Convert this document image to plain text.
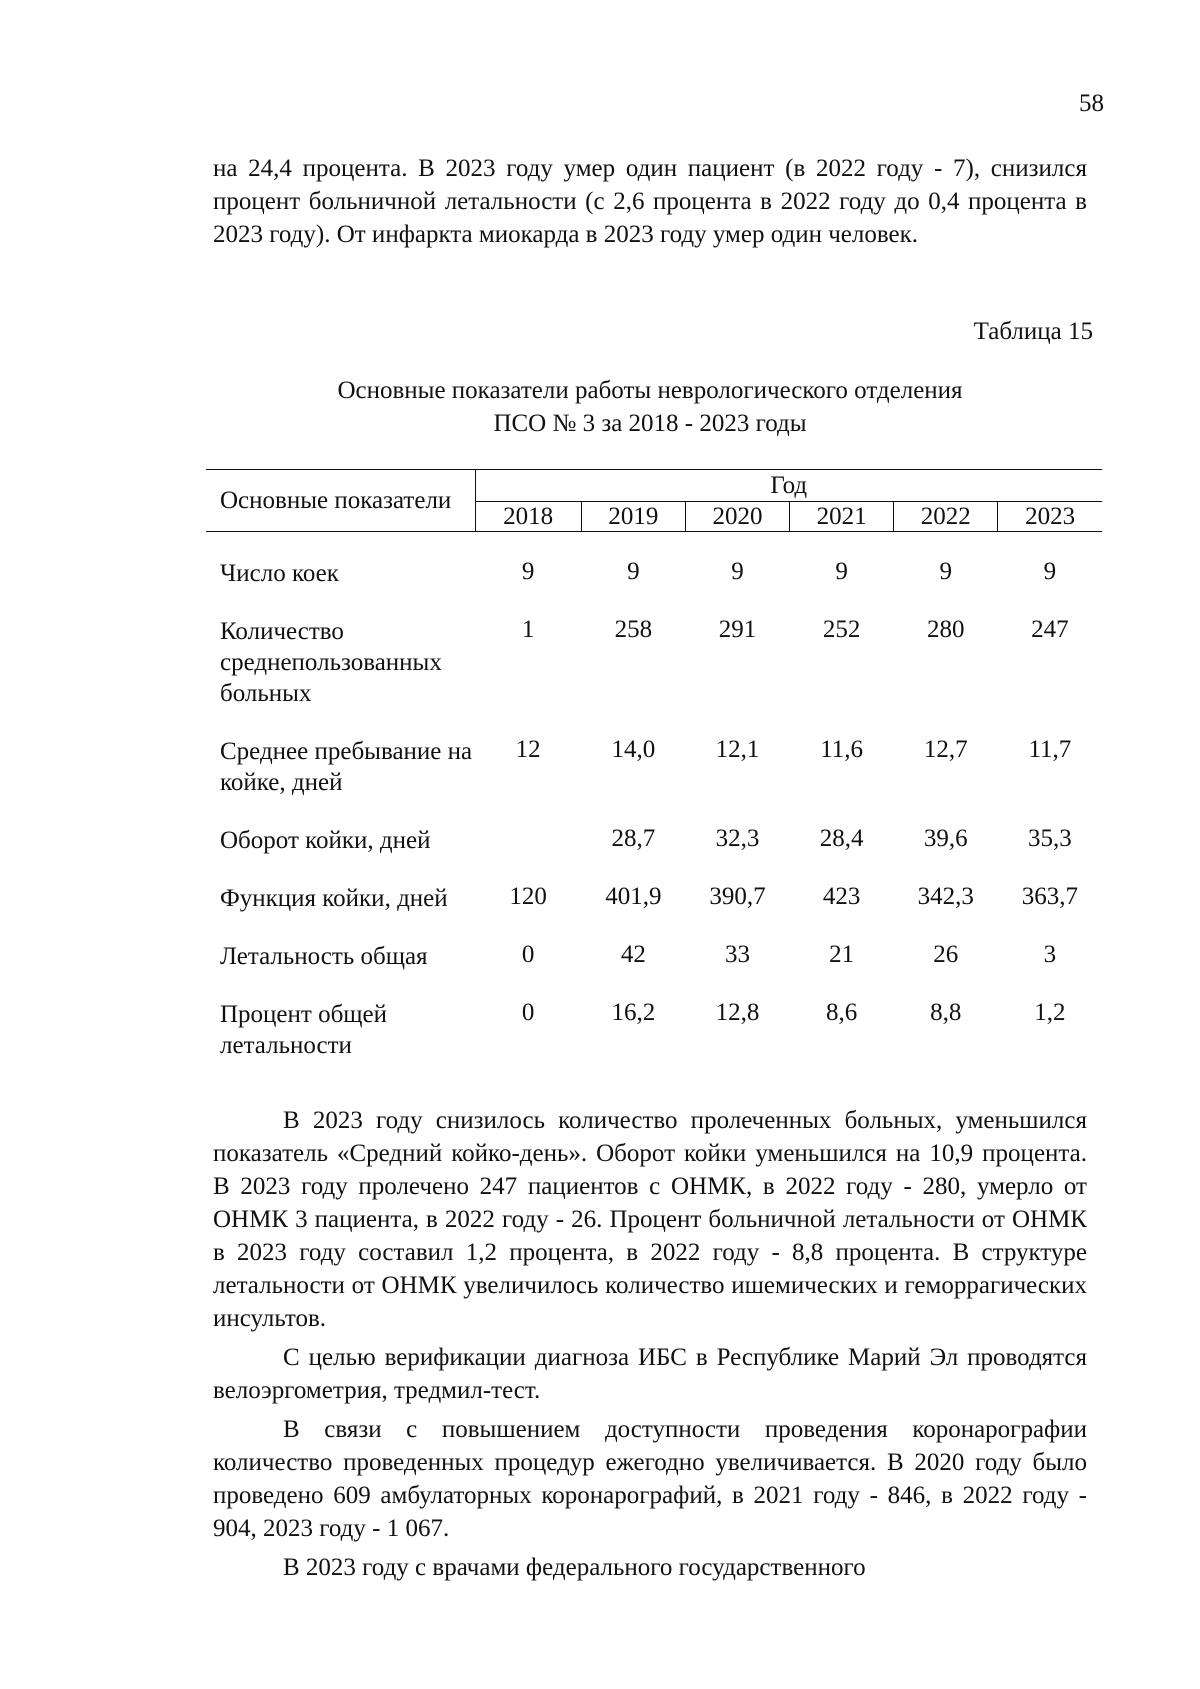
58

на 24,4 процента. В 2023 году умер один пациент (в 2022 году - 7), снизился процент больничной летальности (с 2,6 процента в 2022 году до 0,4 процента в 2023 году). От инфаркта миокарда в 2023 году умер один человек.

Таблица 15
Основные показатели работы неврологического отделения
ПСО № 3 за 2018 - 2023 годы
Основные показатели	Год					
	2018	2019	2020	2021	2022	2023

Число коек	9	9	9	9	9	9
Количество среднепользованных больных	1	258	291	252	280	247
Среднее пребывание на койке, дней	12	14,0	12,1	11,6	12,7	11,7
Оборот койки, дней		28,7	32,3	28,4	39,6	35,3
Функция койки, дней	120	401,9	390,7	423	342,3	363,7
Летальность общая	0	42	33	21	26	3
Процент общей летальности	0	16,2	12,8	8,6	8,8	1,2

В 2023 году снизилось количество пролеченных больных, уменьшился показатель «Средний койко-день». Оборот койки уменьшился на 10,9 процента. В 2023 году пролечено 247 пациентов с ОНМК, в 2022 году - 280, умерло от ОНМК 3 пациента, в 2022 году - 26. Процент больничной летальности от ОНМК в 2023 году составил 1,2 процента, в 2022 году - 8,8 процента. В структуре летальности от ОНМК увеличилось количество ишемических и геморрагических инсультов.

С целью верификации диагноза ИБС в Республике Марий Эл проводятся велоэргометрия, тредмил-тест.

В связи с повышением доступности проведения коронарографии количество проведенных процедур ежегодно увеличивается. В 2020 году было проведено 609 амбулаторных коронарографий, в 2021 году - 846, в 2022 году - 904, 2023 году - 1 067.

В 2023 году с врачами федерального государственного
